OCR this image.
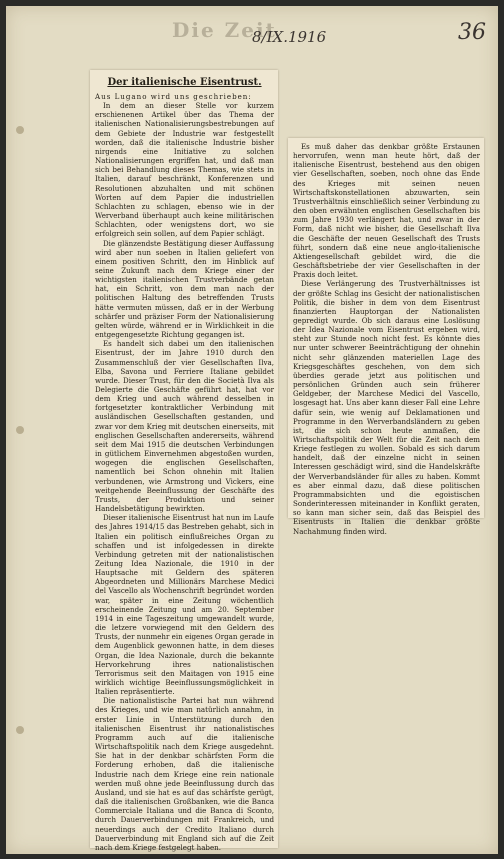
Die Zeit
8/IX.1916	36
Der italienische Eisentrust.

Aus Lugano wird uns geschrieben:

In dem an dieser Stelle vor kurzem erschienenen Artikel über das Thema der italienischen Nationalisierungsbestrebungen auf dem Gebiete der Industrie war festgestellt worden, daß die italienische Industrie bisher nirgends eine Initiative zu solchen Nationalisierungen ergriffen hat, und daß man sich bei Behandlung dieses Themas, wie stets in Italien, darauf beschränkt, Konferenzen und Resolutionen abzuhalten und mit schönen Worten auf dem Papier die industriellen Schlachten zu schlagen, ebenso wie in der Werverband überhaupt auch keine militärischen Schlachten, oder wenigstens dort, wo sie erfolgreich sein sollen, auf dem Papier schlägt.

Die glänzendste Bestätigung dieser Auffassung wird aber nun soeben in Italien geliefert von einem positiven Schritt, den im Hinblick auf seine Zukunft nach dem Kriege einer der wichtigsten italienischen Trustverbände getan hat, ein Schritt, von dem man nach der politischen Haltung des betreffenden Trusts hätte vermuten müssen, daß er in der Werbung schärfer und präziser Form der Nationalisierung gelten würde, während er in Wirklichkeit in die entgegengesetzte Richtung gegangen ist.

Es handelt sich dabei um den italienischen Eisentrust, der im Jahre 1910 durch den Zusammenschluß der vier Gesellschaften Ilva, Elba, Savona und Ferriere Italiane gebildet wurde. Dieser Trust, für den die Società Ilva als Delegierte die Geschäfte geführt hat, hat vor dem Krieg und auch während desselben in fortgesetzter kontraktlicher Verbindung mit ausländischen Gesellschaften gestanden, und zwar vor dem Krieg mit deutschen einerseits, mit englischen Gesellschaften andererseits, während seit dem Mai 1915 die deutschen Verbindungen in gütlichem Einvernehmen abgestoßen wurden, wogegen die englischen Gesellschaften, namentlich bei Schon ohnehin mit Italien verbundenen, wie Armstrong und Vickers, eine weitgehende Beeinflussung der Geschäfte des Trusts, der Produktion und seiner Handelsbetätigung bewirkten.

Dieser italienische Eisentrust hat nun im Laufe des Jahres 1914/15 das Bestreben gehabt, sich in Italien ein politisch einflußreiches Organ zu schaffen und ist infolgedessen in direkte Verbindung getreten mit der nationalistischen Zeitung Idea Nazionale, die 1910 in der Hauptsache mit Geldern des späteren Abgeordneten und Millionärs Marchese Medici del Vascello als Wochenschrift begründet worden war, später in eine Zeitung wöchentlich erscheinende Zeitung und am 20. September 1914 in eine Tageszeitung umgewandelt wurde, die letzere vorwiegend mit den Geldern des Trusts, der nunmehr ein eigenes Organ gerade in dem Augenblick gewonnen hatte, in dem dieses Organ, die Idea Nazionale, durch die bekannte Hervorkehrung ihres nationalistischen Terrorismus seit den Maitagen von 1915 eine wirklich wichtige Beeinflussungsmöglichkeit in Italien repräsentierte.

Die nationalistische Partei hat nun während des Krieges, und wie man natürlich annahm, in erster Linie in Unterstützung durch den italienischen Eisentrust ihr nationalistisches Programm auch auf die italienische Wirtschaftspolitik nach dem Kriege ausgedehnt. Sie hat in der denkbar schärfsten Form die Forderung erhoben, daß die italienische Industrie nach dem Kriege eine rein nationale werden muß ohne jede Beeinflussung durch das Ausland, und sie hat es auf das schärfste gerügt, daß die italienischen Großbanken, wie die Banca Commerciale Italiana und die Banca di Sconto, durch Dauerverbindungen mit Frankreich, und neuerdings auch der Credito Italiano durch Dauerverbindung mit England sich auf die Zeit nach dem Kriege festgelegt haben.

Es muß daher das denkbar größte Erstaunen hervorrufen, wenn man heute hört, daß der italienische Eisentrust, bestehend aus den obigen vier Gesellschaften, soeben, noch ohne das Ende des Krieges mit seinen neuen Wirtschaftskonstellationen abzuwarten, sein Trustverhältnis einschließlich seiner Verbindung zu den oben erwähnten englischen Gesellschaften bis zum Jahre 1930 verlängert hat, und zwar in der Form, daß nicht wie bisher, die Gesellschaft Ilva die Geschäfte der neuen Gesellschaft des Trusts führt, sondern daß eine neue anglo-italienische Aktiengesellschaft gebildet wird, die die Geschäftsbetriebe der vier Gesellschaften in der Praxis doch leitet.

Diese Verlängerung des Trustverhältnisses ist der größte Schlag ins Gesicht der nationalistischen Politik, die bisher in dem von dem Eisentrust finanzierten Hauptorgan der Nationalisten gepredigt wurde. Ob sich daraus eine Loslösung der Idea Nazionale vom Eisentrust ergeben wird, steht zur Stunde noch nicht fest. Es könnte dies nur unter schwerer Beeinträchtigung der ohnehin nicht sehr glänzenden materiellen Lage des Kriegsgeschäftes geschehen, von dem sich überdies gerade jetzt aus politischen und persönlichen Gründen auch sein früherer Geldgeber, der Marchese Medici del Vascello, losgesagt hat. Uns aber kann dieser Fall eine Lehre dafür sein, wie wenig auf Deklamationen und Programme in den Werverbandsländern zu geben ist, die sich schon heute anmaßen, die Wirtschaftspolitik der Welt für die Zeit nach dem Kriege festlegen zu wollen. Sobald es sich darum handelt, daß der einzelne nicht in seinen Interessen geschädigt wird, sind die Handelskräfte der Werverbandsländer für alles zu haben. Kommt es aber einmal dazu, daß diese politischen Programmabsichten und die egoistischen Sonderinteressen miteinander in Konflikt geraten, so kann man sicher sein, daß das Beispiel des Eisentrusts in Italien die denkbar größte Nachahmung finden wird.
